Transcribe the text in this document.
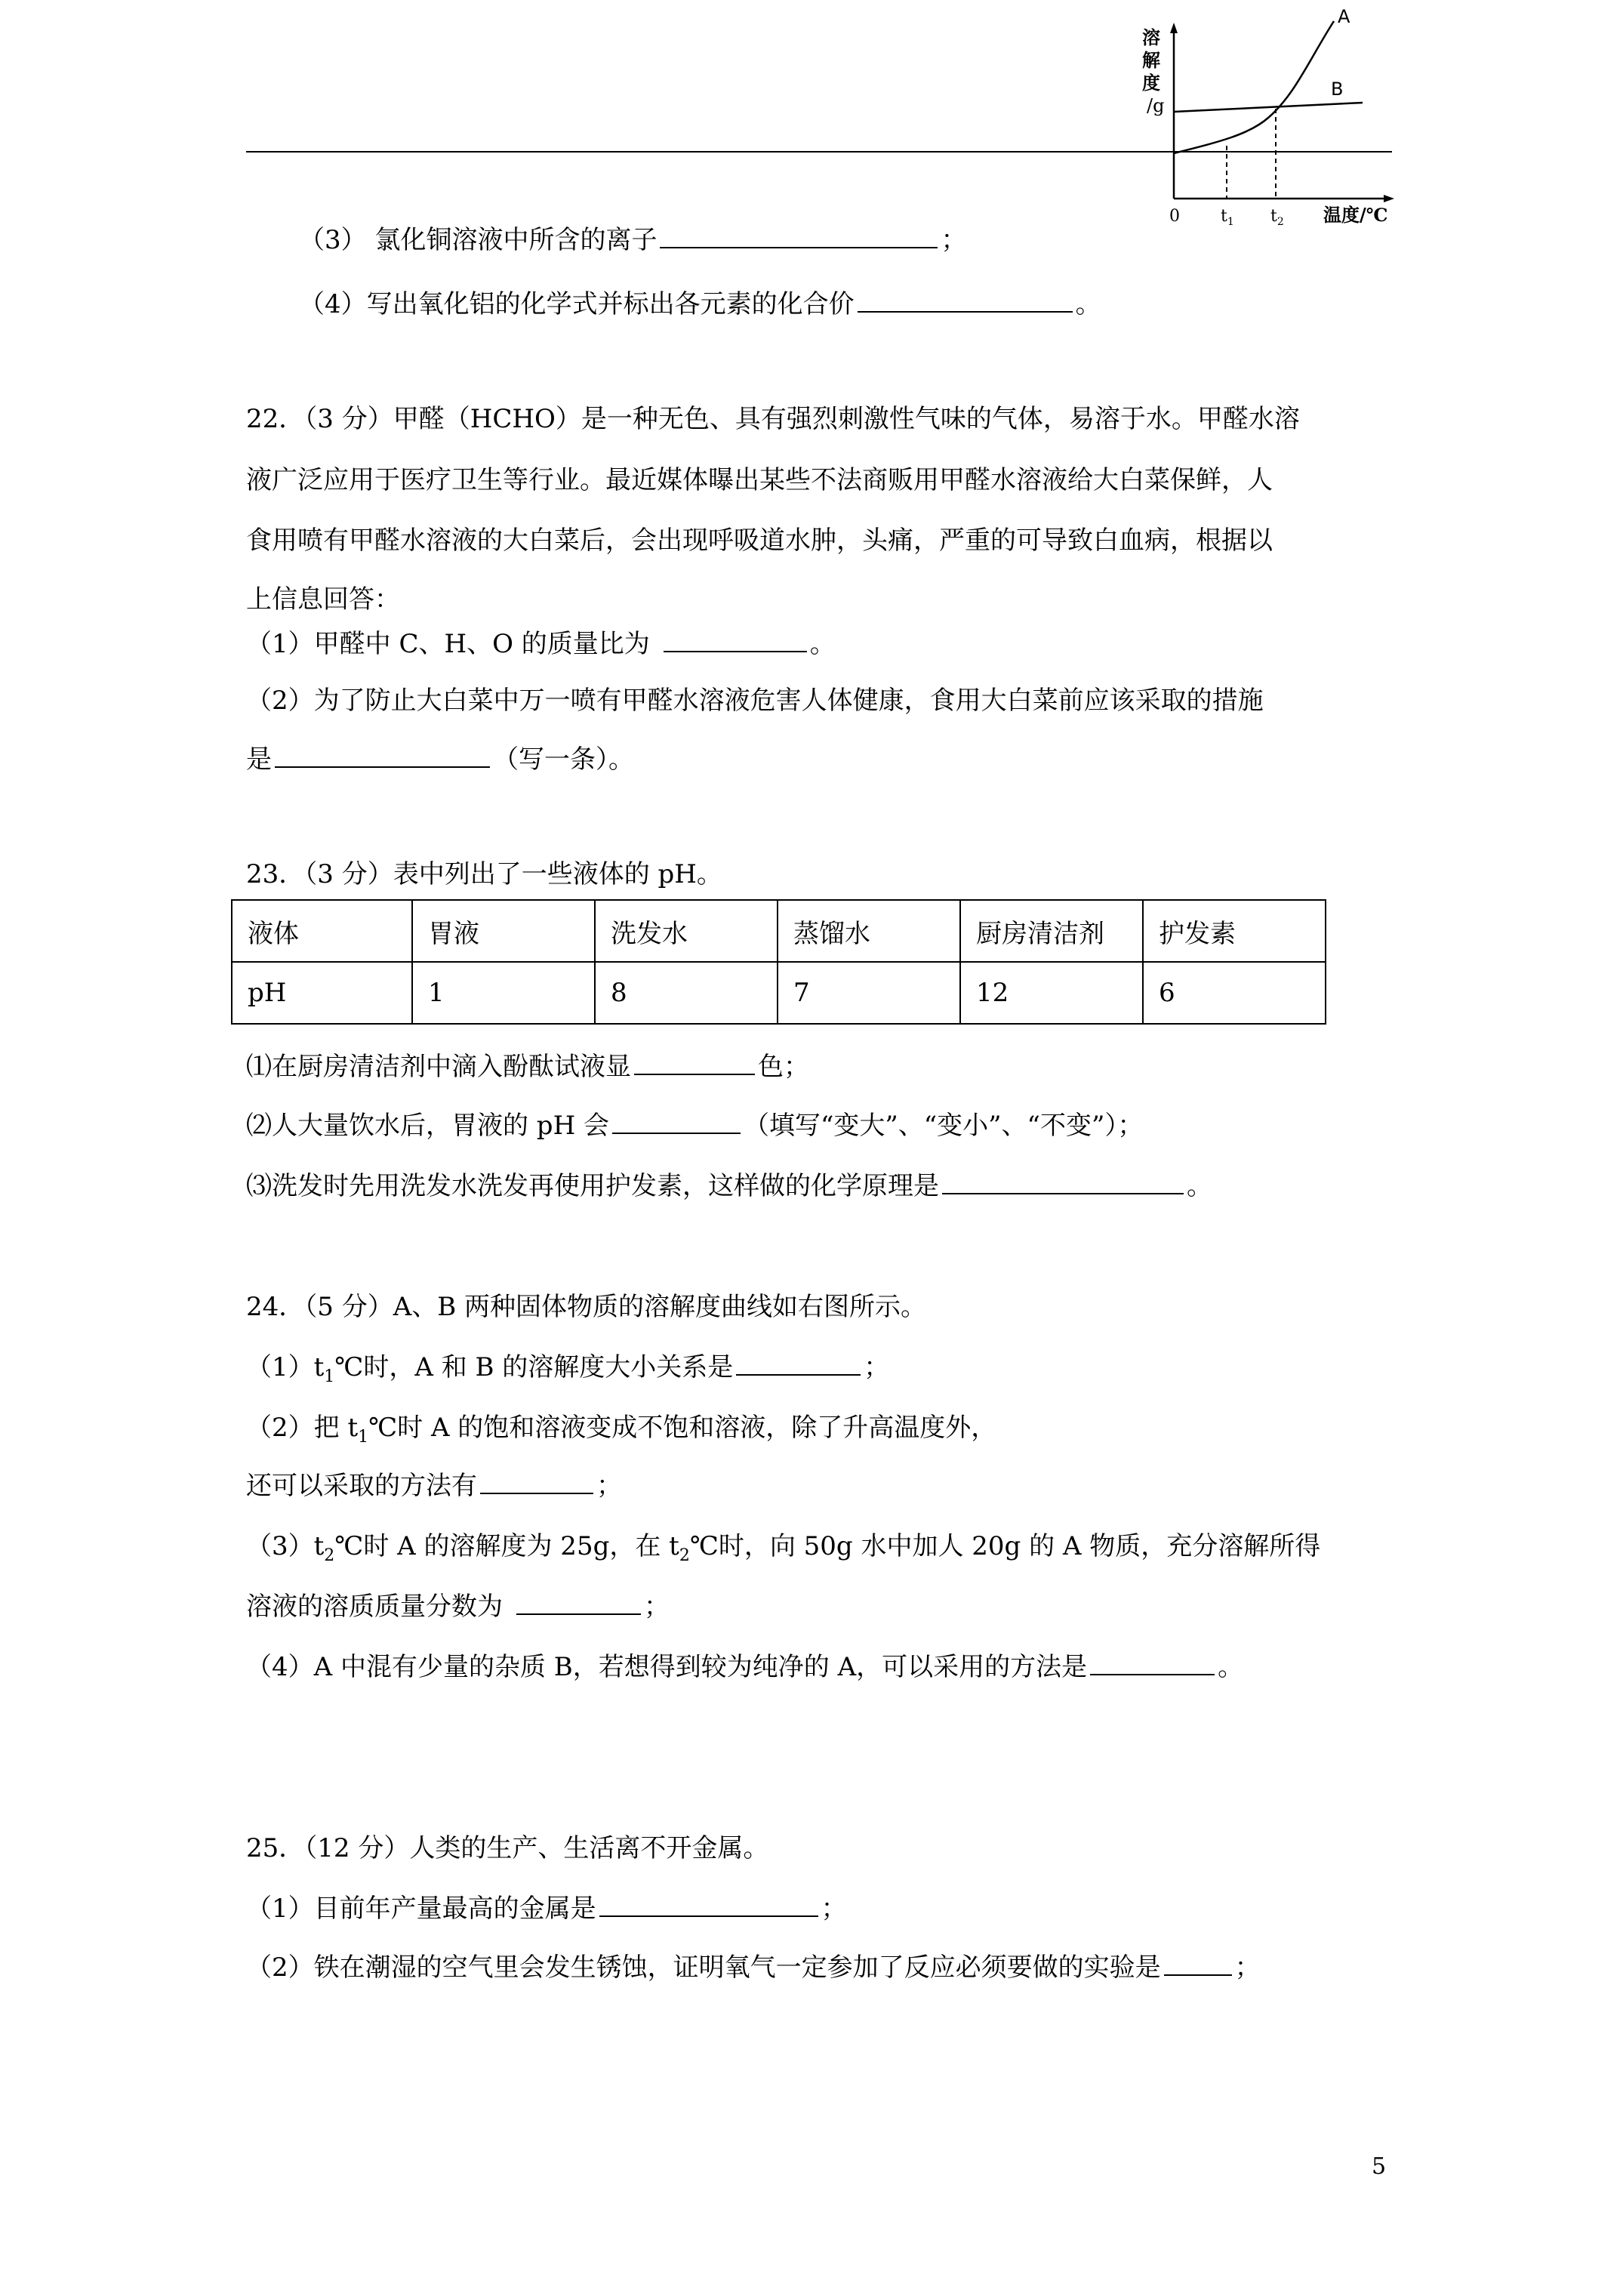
溶
解
度
/g
A
B
0 $t_1$ $t_2$ 温度/℃
（3） 氯化铜溶液中所含的离子	；
（4）写出氧化铝的化学式并标出各元素的化合价	。
22．（3 分）甲醛（HCHO）是一种无色、具有强烈刺激性气味的气体，易溶于水。甲醛水溶
液广泛应用于医疗卫生等行业。最近媒体曝出某些不法商贩用甲醛水溶液给大白菜保鲜，人
食用喷有甲醛水溶液的大白菜后，会出现呼吸道水肿，头痛，严重的可导致白血病，根据以
上信息回答：
（1）甲醛中 C、H、O 的质量比为	。
（2）为了防止大白菜中万一喷有甲醛水溶液危害人体健康，食用大白菜前应该采取的措施
是	（写一条）。
23．（3 分）表中列出了一些液体的 pH。
液体	胃液	洗发水	蒸馏水	厨房清洁剂	护发素
pH	1	8	7	12	6
⑴在厨房清洁剂中滴入酚酞试液显	色；
⑵人大量饮水后，胃液的 pH 会	（填写“变大”、“变小”、“不变”）；
⑶洗发时先用洗发水洗发再使用护发素，这样做的化学原理是	。
24．（5 分）A、B 两种固体物质的溶解度曲线如右图所示。
$(1)t_1℃$时，A 和 B 的溶解度大小关系是	；
（2）把 $t_1℃$时 A 的饱和溶液变成不饱和溶液，除了升高温度外，
还可以采取的方法有	；
$(3)t_2℃$时 A 的溶解度为 25g，在 $t_2℃$时，向 50g 水中加人 20g 的 A 物质，充分溶解所得
溶液的溶质质量分数为	；
（4）A 中混有少量的杂质 B，若想得到较为纯净的 A，可以采用的方法是	。
25．（12 分）人类的生产、生活离不开金属。
（1）目前年产量最高的金属是	；
（2）铁在潮湿的空气里会发生锈蚀，证明氧气一定参加了反应必须要做的实验是	；
5
